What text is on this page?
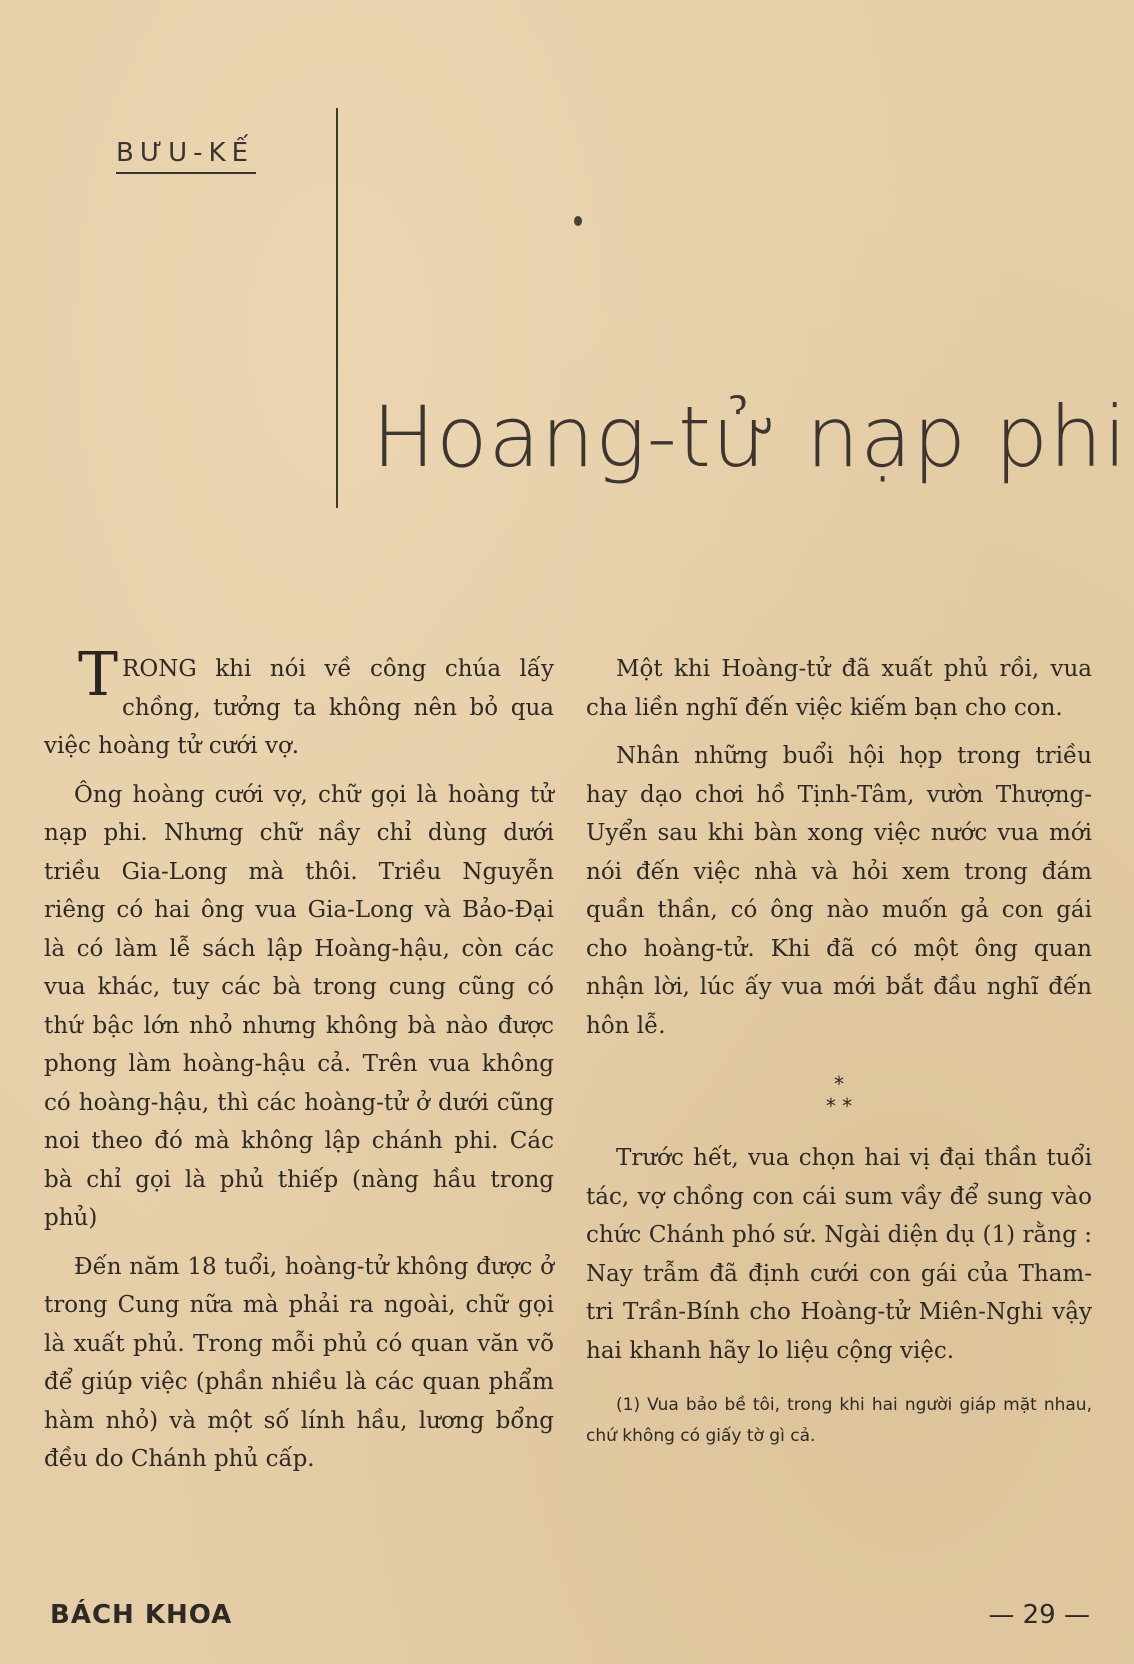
BƯU-KẾ
Hoang-tử nạp phi

TRONG khi nói về công chúa lấy chồng, tưởng ta không nên bỏ qua việc hoàng tử cưới vợ.

Ông hoàng cưới vợ, chữ gọi là hoàng tử nạp phi. Nhưng chữ nầy chỉ dùng dưới triều Gia-Long mà thôi. Triều Nguyễn riêng có hai ông vua Gia-Long và Bảo-Đại là có làm lễ sách lập Hoàng-hậu, còn các vua khác, tuy các bà trong cung cũng có thứ bậc lớn nhỏ nhưng không bà nào được phong làm hoàng-hậu cả. Trên vua không có hoàng-hậu, thì các hoàng-tử ở dưới cũng noi theo đó mà không lập chánh phi. Các bà chỉ gọi là phủ thiếp (nàng hầu trong phủ)

Đến năm 18 tuổi, hoàng-tử không được ở trong Cung nữa mà phải ra ngoài, chữ gọi là xuất phủ. Trong mỗi phủ có quan văn võ để giúp việc (phần nhiều là các quan phẩm hàm nhỏ) và một số lính hầu, lương bổng đều do Chánh phủ cấp.

Một khi Hoàng-tử đã xuất phủ rồi, vua cha liền nghĩ đến việc kiếm bạn cho con.

Nhân những buổi hội họp trong triều hay dạo chơi hồ Tịnh-Tâm, vườn Thượng-Uyển sau khi bàn xong việc nước vua mới nói đến việc nhà và hỏi xem trong đám quần thần, có ông nào muốn gả con gái cho hoàng-tử. Khi đã có một ông quan nhận lời, lúc ấy vua mới bắt đầu nghĩ đến hôn lễ.

*
* *

Trước hết, vua chọn hai vị đại thần tuổi tác, vợ chồng con cái sum vầy để sung vào chức Chánh phó sứ. Ngài diện dụ (1) rằng : Nay trẫm đã định cưới con gái của Tham-tri Trần-Bính cho Hoàng-tử Miên-Nghi vậy hai khanh hãy lo liệu cộng việc.

(1) Vua bảo bề tôi, trong khi hai người giáp mặt nhau, chứ không có giấy tờ gì cả.

BÁCH KHOA	— 29 —
